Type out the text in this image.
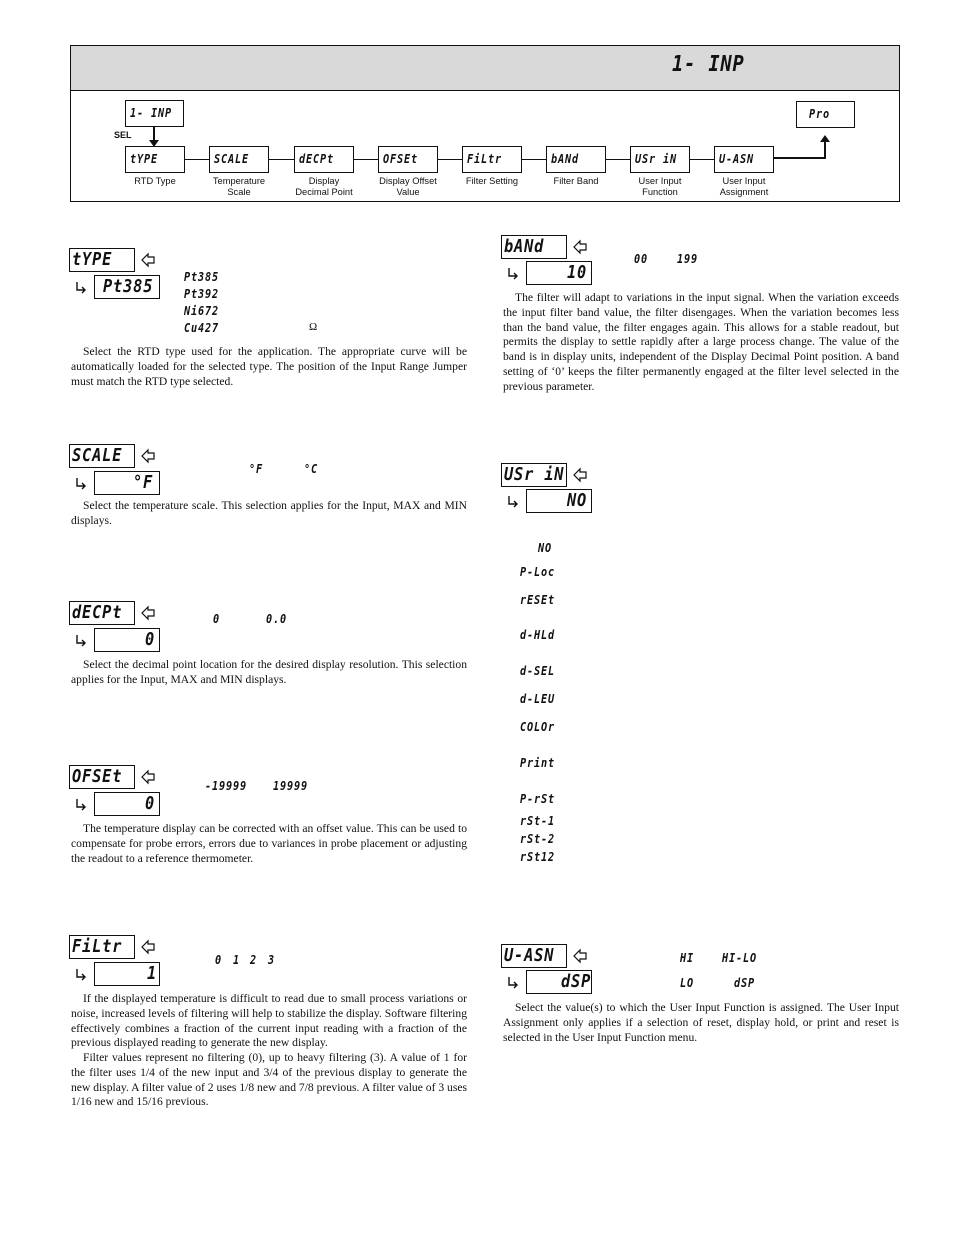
1- INP
1- INP
SEL
Pro
tYPE	SCALE	dECPt	OFSEt	FiLtr	bANd	USr iN	U-ASN
RTD Type	Temperature
Scale
Display
Decimal Point
Display Offset
Value
Filter Setting	Filter Band	User Input
Function
User Input
Assignment
tYPE
Pt385	Pt385
Pt392
Ni672
Cu427	Ω
Select the RTD type used for the application. The appropriate curve will be automatically loaded for the selected type. The position of the Input Range Jumper must match the RTD type selected.
SCALE
°F
°F	°C
Select the temperature scale. This selection applies for the Input, MAX and MIN displays.
dECPt
0
0	0.0
Select the decimal point location for the desired display resolution. This selection applies for the Input, MAX and MIN displays.
OFSEt
0
-19999 19999
The temperature display can be corrected with an offset value. This can be used to compensate for probe errors, errors due to variances in probe placement or adjusting the readout to a reference thermometer.
FiLtr
1
0 1 2 3
If the displayed temperature is difficult to read due to small process variations or noise, increased levels of filtering will help to stabilize the display. Software filtering effectively combines a fraction of the current input reading with a fraction of the previous displayed reading to generate the new display.
Filter values represent no filtering (0), up to heavy filtering (3). A value of 1 for the filter uses 1/4 of the new input and 3/4 of the previous display to generate the new display. A filter value of 2 uses 1/8 new and 7/8 previous. A filter value of 3 uses 1/16 new and 15/16 previous.
bANd
10
00 199
The filter will adapt to variations in the input signal. When the variation exceeds the input filter band value, the filter disengages. When the variation becomes less than the band value, the filter engages again. This allows for a stable readout, but permits the display to settle rapidly after a large process change. The value of the band is in display units, independent of the Display Decimal Point position. A band setting of ‘0’ keeps the filter permanently engaged at the filter level selected in the previous parameter.
USr iN
NO
NO
P-Loc
rESEt
d-HLd
d-SEL
d-LEU
COLOr
Print
P-rSt
rSt-1
rSt-2
rSt12
U-ASN
dSP
HI HI-LO
LO	dSP
Select the value(s) to which the User Input Function is assigned. The User Input Assignment only applies if a selection of reset, display hold, or print and reset is selected in the User Input Function menu.
